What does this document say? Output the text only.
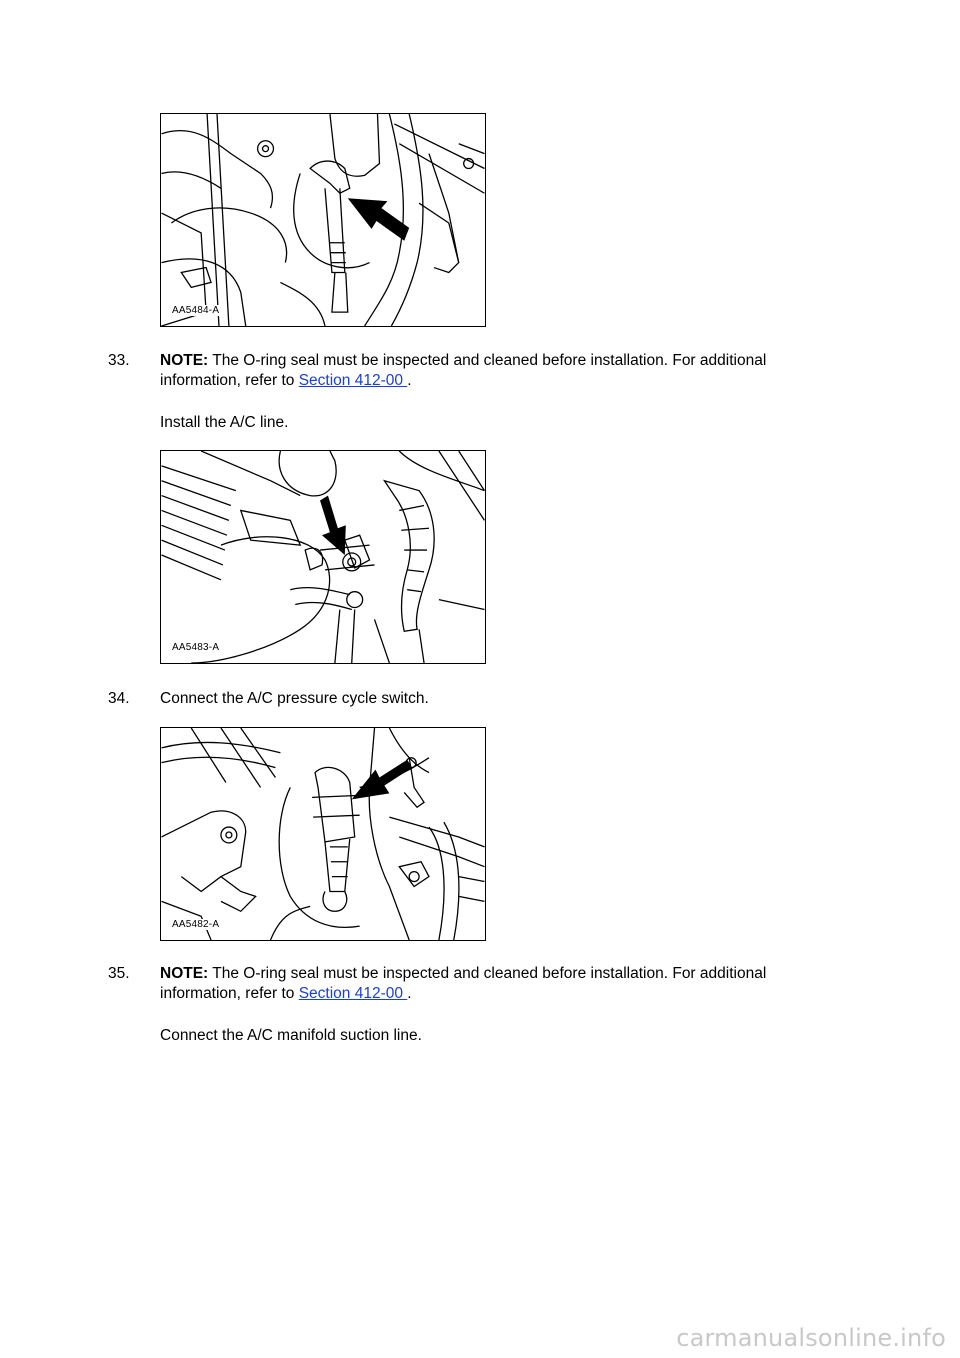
AA5484-A
33.	NOTE: The O-ring seal must be inspected and cleaned before installation. For additional information, refer to Section 412-00 .

Install the A/C line.

AA5483-A
34.	Connect the A/C pressure cycle switch.

AA5482-A
35.	NOTE: The O-ring seal must be inspected and cleaned before installation. For additional information, refer to Section 412-00 .

Connect the A/C manifold suction line.

carmanualsonline.info
